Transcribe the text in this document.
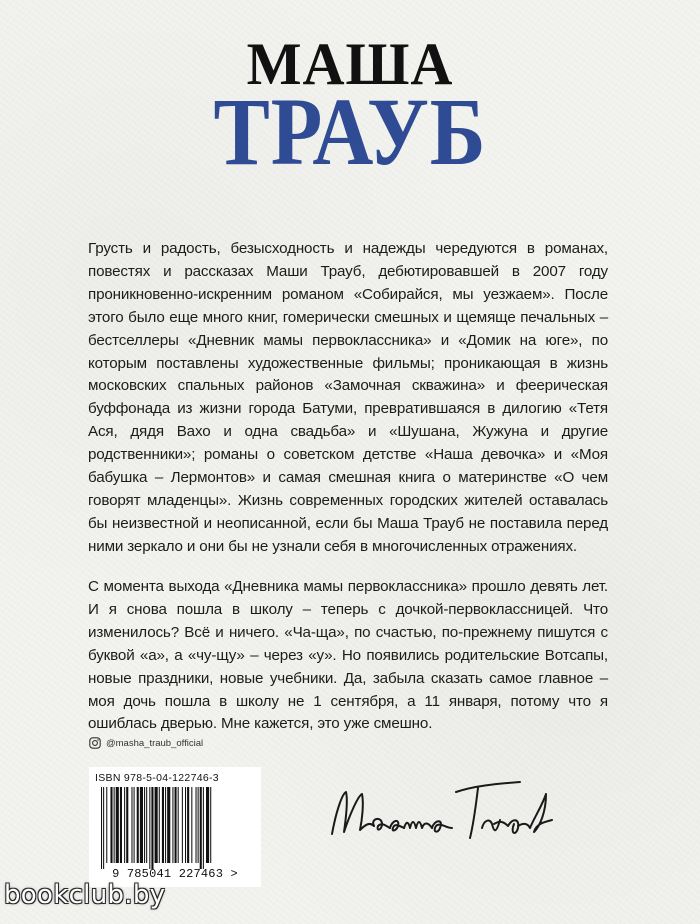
МАША
ТРАУБ

Грусть и радость, безысходность и надежды чередуются в романах, повестях и рассказах Маши Трауб, дебютировавшей в 2007 году проникновенно-искренним романом «Собирайся, мы уезжаем». После этого было еще много книг, гомерически смешных и щемяще печальных – бестселлеры «Дневник мамы первоклассника» и «Домик на юге», по которым поставлены художественные фильмы; проникающая в жизнь московских спальных районов «Замочная скважина» и феерическая буффонада из жизни города Батуми, превратившаяся в дилогию «Тетя Ася, дядя Вахо и одна свадьба» и «Шушана, Жужуна и другие родственники»; романы о советском детстве «Наша девочка» и «Моя бабушка – Лермонтов» и самая смешная книга о материнстве «О чем говорят младенцы». Жизнь современных городских жителей оставалась бы неизвестной и неописанной, если бы Маша Трауб не поставила перед ними зеркало и они бы не узнали себя в многочисленных отражениях.

С момента выхода «Дневника мамы первоклассника» прошло девять лет. И я снова пошла в школу – теперь с дочкой-первоклассницей. Что изменилось? Всё и ничего. «Ча-ща», по счастью, по-прежнему пишутся с буквой «а», а «чу-щу» – через «у». Но появились родительские Вотсапы, новые праздники, новые учебники. Да, забыла сказать самое главное – моя дочь пошла в школу не 1 сентября, а 11 января, потому что я ошиблась дверью. Мне кажется, это уже смешно.

@masha_traub_official
ISBN 978-5-04-122746-3
9 785041 227463 >
bookclub.by
